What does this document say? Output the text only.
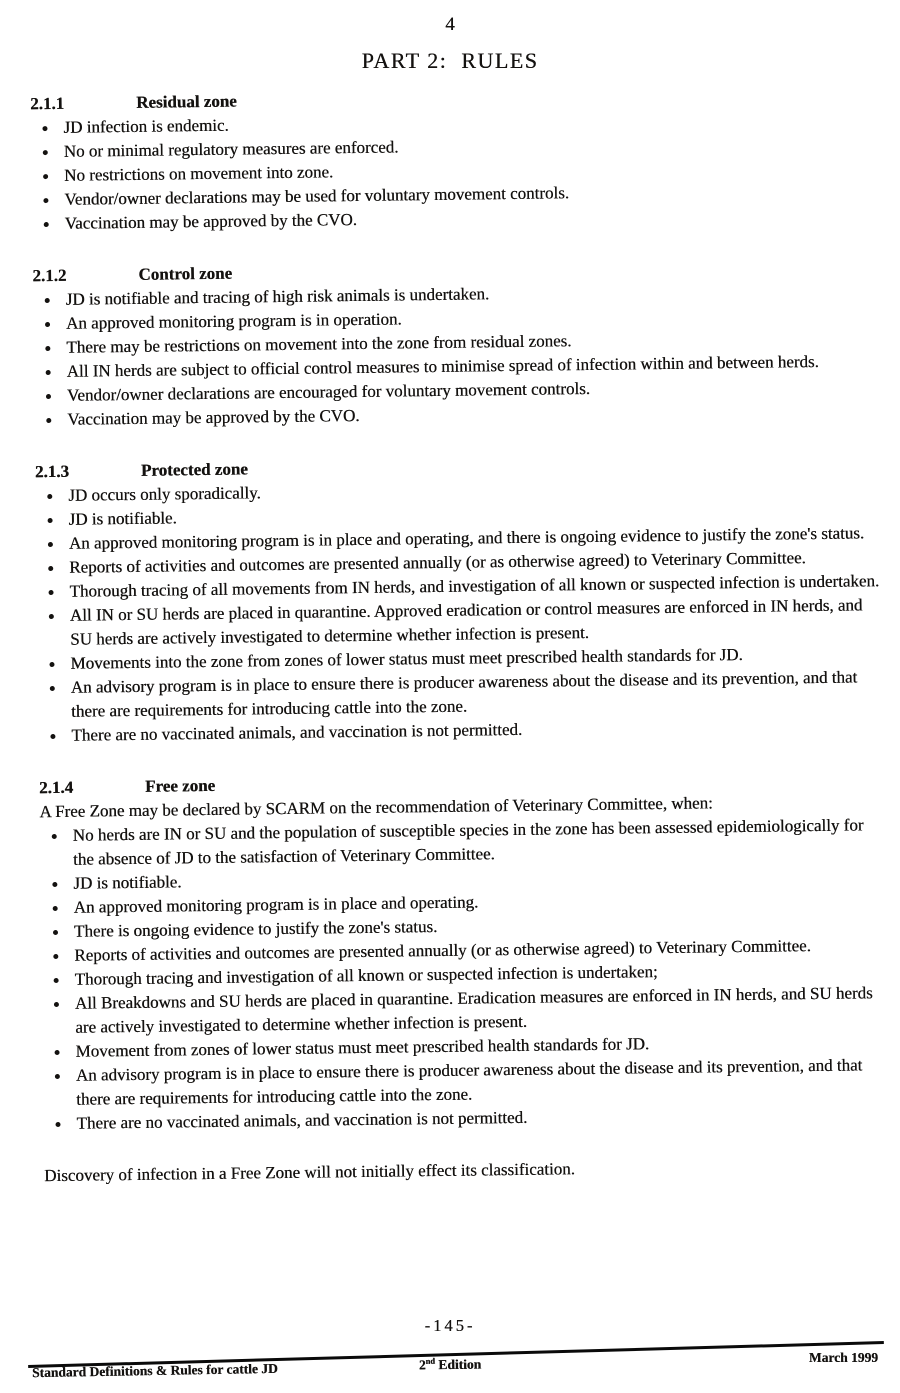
4
PART 2:  RULES
2.1.1	Residual zone
JD infection is endemic.
No or minimal regulatory measures are enforced.
No restrictions on movement into zone.
Vendor/owner declarations may be used for voluntary movement controls.
Vaccination may be approved by the CVO.
2.1.2	Control zone
JD is notifiable and tracing of high risk animals is undertaken.
An approved monitoring program is in operation.
There may be restrictions on movement into the zone from residual zones.
All IN herds are subject to official control measures to minimise spread of infection within and between herds.
Vendor/owner declarations are encouraged for voluntary movement controls.
Vaccination may be approved by the CVO.
2.1.3	Protected zone
JD occurs only sporadically.
JD is notifiable.
An approved monitoring program is in place and operating, and there is ongoing evidence to justify the zone's status.
Reports of activities and outcomes are presented annually (or as otherwise agreed) to Veterinary Committee.
Thorough tracing of all movements from IN herds, and investigation of all known or suspected infection is undertaken.
All IN or SU herds are placed in quarantine. Approved eradication or control measures are enforced in IN herds, and SU herds are actively investigated to determine whether infection is present.
Movements into the zone from zones of lower status must meet prescribed health standards for JD.
An advisory program is in place to ensure there is producer awareness about the disease and its prevention, and that there are requirements for introducing cattle into the zone.
There are no vaccinated animals, and vaccination is not permitted.
2.1.4	Free zone

A Free Zone may be declared by SCARM on the recommendation of Veterinary Committee, when:

No herds are IN or SU and the population of susceptible species in the zone has been assessed epidemiologically for the absence of JD to the satisfaction of Veterinary Committee.
JD is notifiable.
An approved monitoring program is in place and operating.
There is ongoing evidence to justify the zone's status.
Reports of activities and outcomes are presented annually (or as otherwise agreed) to Veterinary Committee.
Thorough tracing and investigation of all known or suspected infection is undertaken;
All Breakdowns and SU herds are placed in quarantine. Eradication measures are enforced in IN herds, and SU herds are actively investigated to determine whether infection is present.
Movement from zones of lower status must meet prescribed health standards for JD.
An advisory program is in place to ensure there is producer awareness about the disease and its prevention, and that there are requirements for introducing cattle into the zone.
There are no vaccinated animals, and vaccination is not permitted.

Discovery of infection in a Free Zone will not initially effect its classification.

-145-
March 1999
2nd Edition
Standard Definitions & Rules for cattle JD
